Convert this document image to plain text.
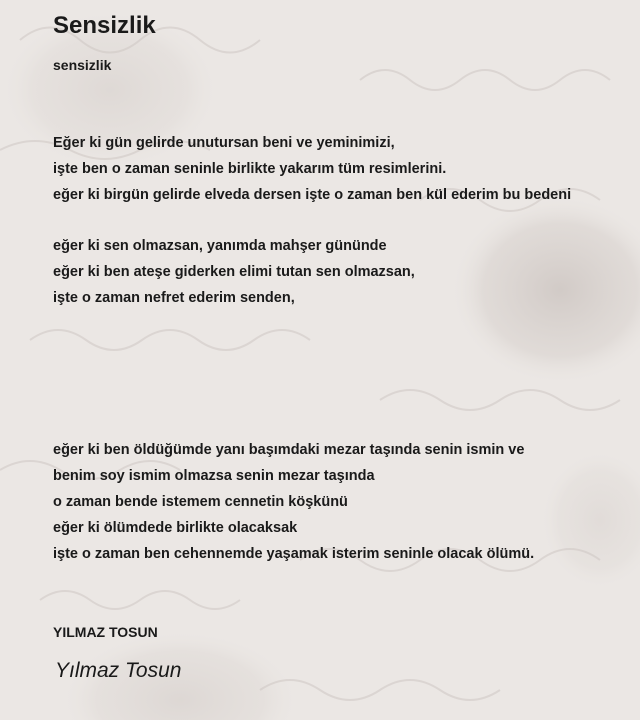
Sensizlik
sensizlik
Eğer ki gün gelirde unutursan beni ve yeminimizi,
işte ben o zaman seninle birlikte yakarım tüm resimlerini.
eğer ki birgün gelirde elveda dersen işte o zaman ben kül ederim bu bedeni
eğer ki sen olmazsan, yanımda mahşer gününde
eğer ki ben ateşe giderken elimi tutan sen olmazsan,
işte o zaman nefret ederim senden,
eğer ki ben öldüğümde yanı başımdaki mezar taşında senin ismin ve
benim soy ismim olmazsa senin mezar taşında
o zaman bende istemem cennetin köşkünü
eğer ki ölümdede birlikte olacaksak
işte o zaman ben cehennemde yaşamak isterim seninle olacak ölümü.
YILMAZ TOSUN
Yılmaz Tosun
